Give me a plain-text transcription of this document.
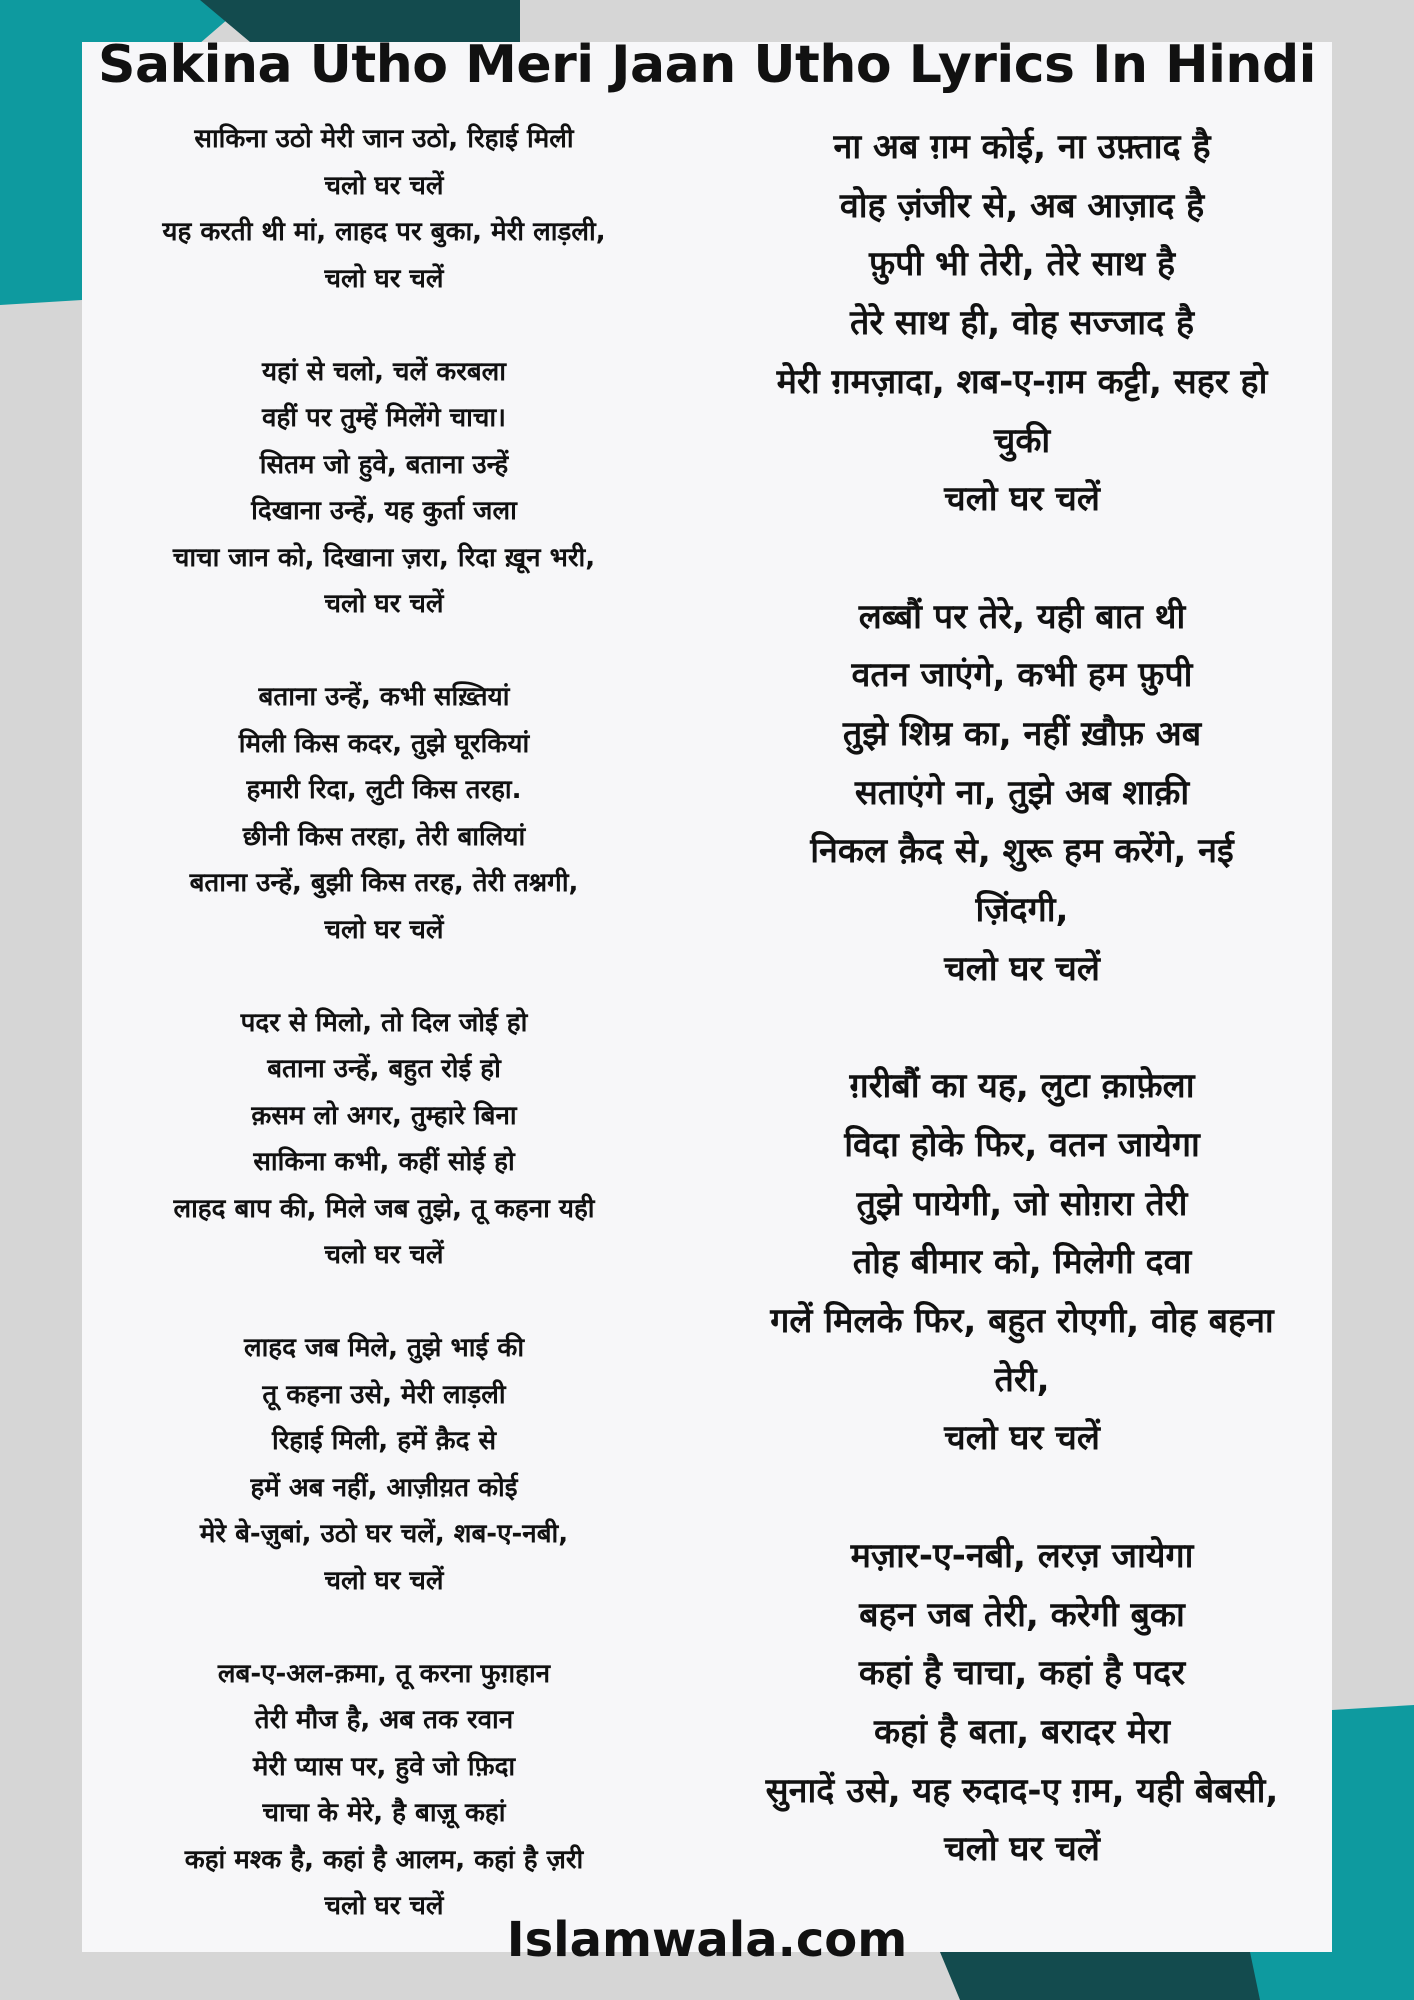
Sakina Utho Meri Jaan Utho Lyrics In Hindi
साकिना उठो मेरी जान उठो, रिहाई मिली
चलो घर चलें
यह करती थी मां, लाहद पर बुका, मेरी लाड़ली,
चलो घर चलें
यहां से चलो, चलें करबला
वहीं पर तुम्हें मिलेंगे चाचा।
सितम जो हुवे, बताना उन्हें
दिखाना उन्हें, यह कुर्ता जला
चाचा जान को, दिखाना ज़रा, रिदा ख़ून भरी,
चलो घर चलें
बताना उन्हें, कभी सख़्तियां
मिली किस कदर, तुझे घूरकियां
हमारी रिदा, लुटी किस तरहा.
छीनी किस तरहा, तेरी बालियां
बताना उन्हें, बुझी किस तरह, तेरी तश्नगी,
चलो घर चलें
पदर से मिलो, तो दिल जोई हो
बताना उन्हें, बहुत रोई हो
क़सम लो अगर, तुम्हारे बिना
साकिना कभी, कहीं सोई हो
लाहद बाप की, मिले जब तुझे, तू कहना यही
चलो घर चलें
लाहद जब मिले, तुझे भाई की
तू कहना उसे, मेरी लाड़ली
रिहाई मिली, हमें क़ैद से
हमें अब नहीं, आज़ीय़त कोई
मेरे बे-ज़ुबां, उठो घर चलें, शब-ए-नबी,
चलो घर चलें
लब-ए-अल-क़मा, तू करना फुग़हान
तेरी मौज है, अब तक रवान
मेरी प्यास पर, हुवे जो फ़िदा
चाचा के मेरे, है बाज़ू कहां
कहां मश्क है, कहां है आलम, कहां है ज़री
चलो घर चलें
ना अब ग़म कोई, ना उफ़्ताद है
वोह ज़ंजीर से, अब आज़ाद है
फ़ुपी भी तेरी, तेरे साथ है
तेरे साथ ही, वोह सज्जाद है
मेरी ग़मज़ादा, शब-ए-ग़म कट्टी, सहर हो
चुकी
चलो घर चलें
लब्बौं पर तेरे, यही बात थी
वतन जाएंगे, कभी हम फ़ुपी
तुझे शिम्र का, नहीं ख़ौफ़ अब
सताएंगे ना, तुझे अब शाक़ी
निकल क़ैद से, शुरू हम करेंगे, नई
ज़िंदगी,
चलो घर चलें
ग़रीबौं का यह, लुटा क़ाफ़ेला
विदा होके फिर, वतन जायेगा
तुझे पायेगी, जो सोग़रा तेरी
तोह बीमार को, मिलेगी दवा
गलें मिलके फिर, बहुत रोएगी, वोह बहना
तेरी,
चलो घर चलें
मज़ार-ए-नबी, लरज़ जायेगा
बहन जब तेरी, करेगी बुका
कहां है चाचा, कहां है पदर
कहां है बता, बरादर मेरा
सुनादें उसे, यह रुदाद-ए ग़म, यही बेबसी,
चलो घर चलें
Islamwala.com
